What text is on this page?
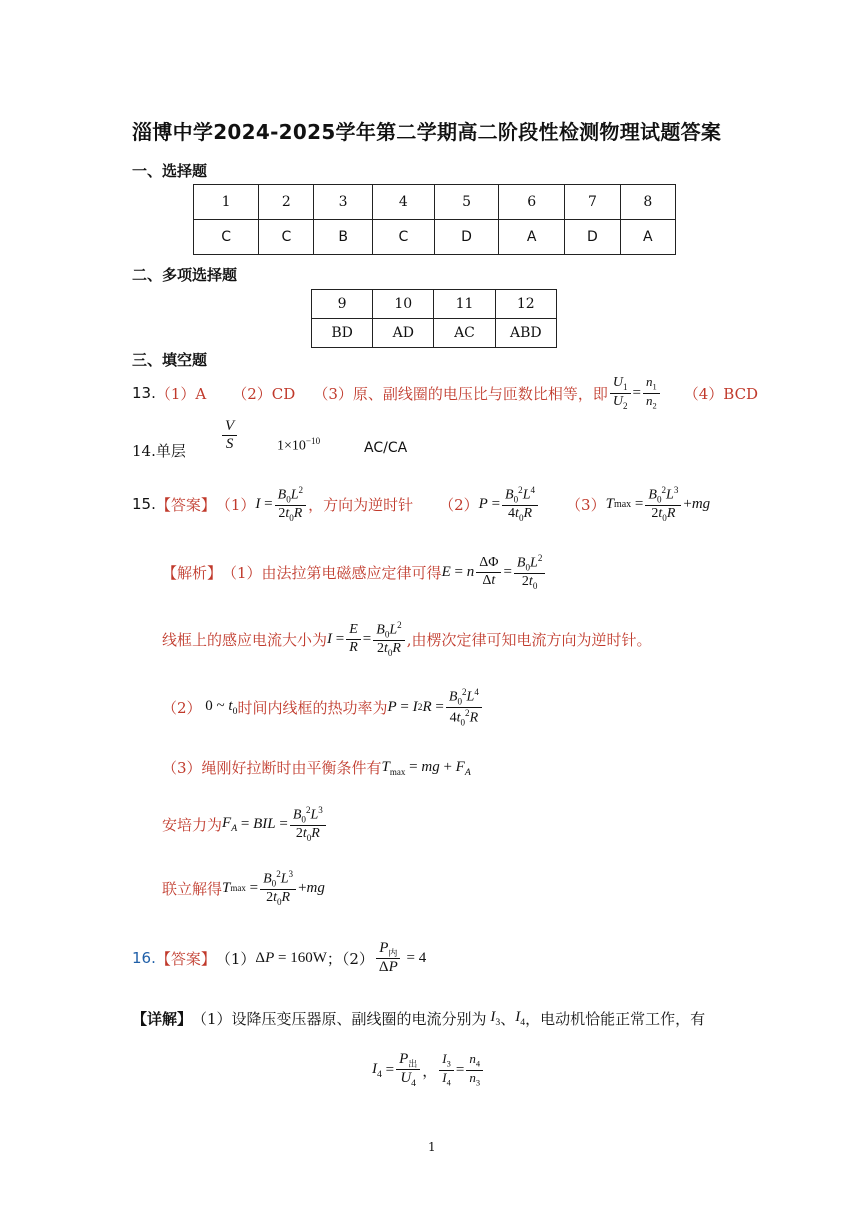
淄博中学2024-2025学年第二学期高二阶段性检测物理试题答案
一、选择题
1	2	3	4	5	6	7	8
C	C	B	C	D	A	D	A
二、多项选择题
9	10	11	12
BD	AD	AC	ABD
三、填空题
13. （1）A （2）CD （3）原、副线圈的电压比与匝数比相等，即 $\frac{U_1}{U_2} = \frac{n_1}{n_2} (4)BCD$
14.单层 $\frac{V}{S}$	$1\times 10^{-10}$	AC/CA
15. 【答案】 （1） $I = \frac{B_0L^2}{2t_0R}$ ，方向为逆时针 （2） $P = \frac{B_0^2L^4}{4t_0R} (3)$ T $\max = \frac{B_0^2L^3}{2t_0R}$ + mg
【解析】 （1）由法拉第电磁感应定律可得 E = n $\frac{\Delta\Phi}{\Delta t} = \frac{B_0L^2}{2t_0}$
线框上的感应电流大小为 $I = \frac{E}{R} = \frac{B_0L^2}{2t_0R}$ ,由楞次定律可知电流方向为逆时针。
（2） 0 ~ $t_0$ 时间内线框的热功率为 P = I 2 $R = \frac{B_0^2L^4}{4t_0^2R}$
（3）绳刚好拉断时由平衡条件有 $T_{max}$ = mg + $F_A$
安培力为 $F_A$ = BIL = $\frac{B_0^2L^3}{2t_0R}$
联立解得 T $\max = \frac{B_0^2L^3}{2t_0R}$ + mg
16. 【答案】 （1） ΔP = 160W ；$(2) \frac{P_内}{\Delta P} = 4$
【详解】 （1）设降压变压器原、副线圈的电流分别为 $I_3$ 、 $I_4$ ，电动机恰能正常工作，有
$I_4 = \frac{P_出}{U_4}$ ， $\frac{I_3}{I_4} = \frac{n_4}{n_3}$
1
